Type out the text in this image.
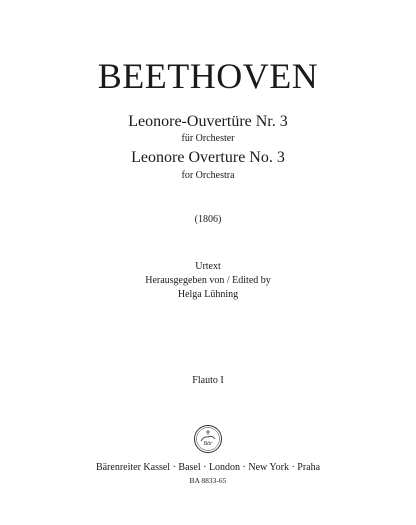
BEETHOVEN
Leonore-Ouvertüre Nr. 3
für Orchester
Leonore Overture No. 3
for Orchestra
(1806)
Urtext
Herausgegeben von / Edited by
Helga Lühning
Flauto I
Bär
Bärenreiter Kassel · Basel · London · New York · Praha
BA 8833-65
